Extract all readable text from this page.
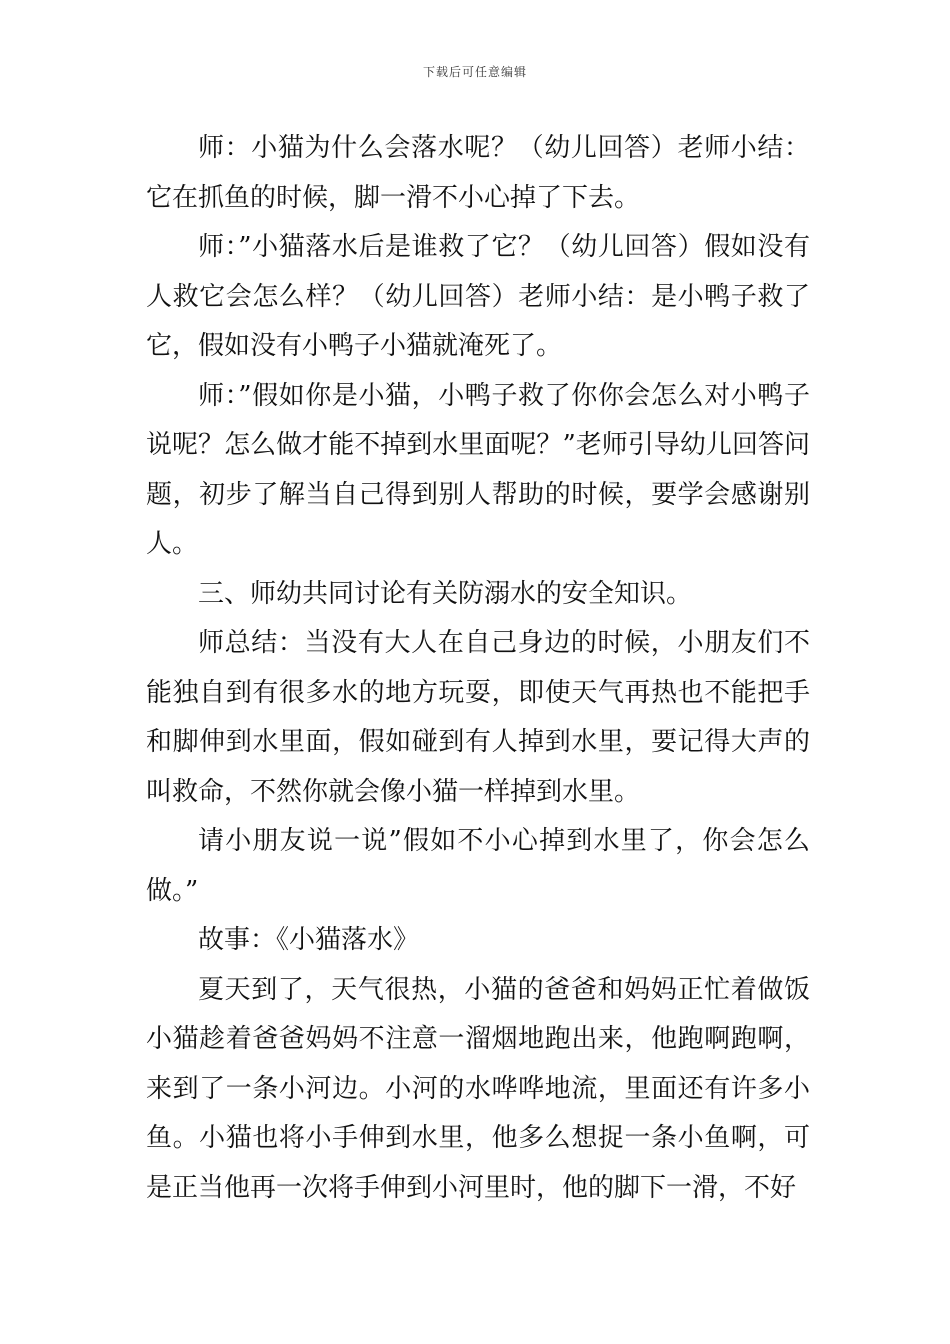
下载后可任意编辑

师：小猫为什么会落水呢？（幼儿回答）老师小结：它在抓鱼的时候，脚一滑不小心掉了下去。

师：”小猫落水后是谁救了它？（幼儿回答）假如没有人救它会怎么样？（幼儿回答）老师小结：是小鸭子救了它，假如没有小鸭子小猫就淹死了。

师：”假如你是小猫，小鸭子救了你你会怎么对小鸭子说呢？怎么做才能不掉到水里面呢？”老师引导幼儿回答问题，初步了解当自己得到别人帮助的时候，要学会感谢别人。

三、师幼共同讨论有关防溺水的安全知识。

师总结：当没有大人在自己身边的时候，小朋友们不能独自到有很多水的地方玩耍，即使天气再热也不能把手和脚伸到水里面，假如碰到有人掉到水里，要记得大声的叫救命，不然你就会像小猫一样掉到水里。

请小朋友说一说”假如不小心掉到水里了，你会怎么做。”

故事：《小猫落水》

夏天到了，天气很热，小猫的爸爸和妈妈正忙着做饭小猫趁着爸爸妈妈不注意一溜烟地跑出来，他跑啊跑啊，来到了一条小河边。小河的水哗哗地流，里面还有许多小鱼。小猫也将小手伸到水里，他多么想捉一条小鱼啊，可是正当他再一次将手伸到小河里时，他的脚下一滑，不好
